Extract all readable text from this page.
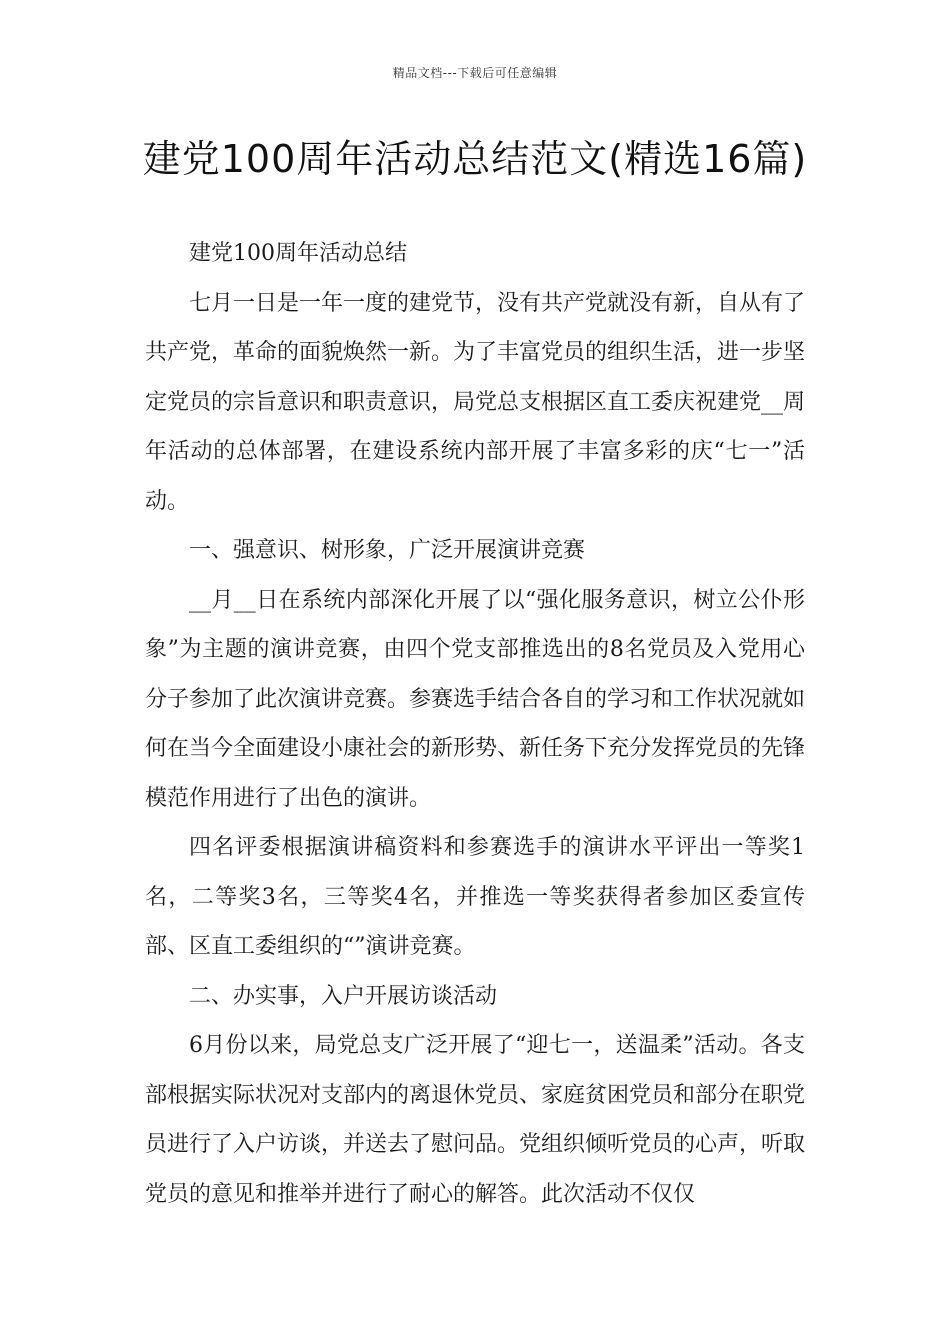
精品文档---下载后可任意编辑
建党100周年活动总结范文(精选16篇)

建党100周年活动总结

七月一日是一年一度的建党节，没有共产党就没有新，自从有了共产党，革命的面貌焕然一新。为了丰富党员的组织生活，进一步坚定党员的宗旨意识和职责意识，局党总支根据区直工委庆祝建党__周年活动的总体部署，在建设系统内部开展了丰富多彩的庆“七一”活动。

一、强意识、树形象，广泛开展演讲竞赛

__月__日在系统内部深化开展了以“强化服务意识，树立公仆形象”为主题的演讲竞赛，由四个党支部推选出的8名党员及入党用心分子参加了此次演讲竞赛。参赛选手结合各自的学习和工作状况就如何在当今全面建设小康社会的新形势、新任务下充分发挥党员的先锋模范作用进行了出色的演讲。

四名评委根据演讲稿资料和参赛选手的演讲水平评出一等奖1名，二等奖3名，三等奖4名，并推选一等奖获得者参加区委宣传部、区直工委组织的“”演讲竞赛。

二、办实事，入户开展访谈活动

6月份以来，局党总支广泛开展了“迎七一，送温柔”活动。各支部根据实际状况对支部内的离退休党员、家庭贫困党员和部分在职党员进行了入户访谈，并送去了慰问品。党组织倾听党员的心声，听取党员的意见和推举并进行了耐心的解答。此次活动不仅仅
